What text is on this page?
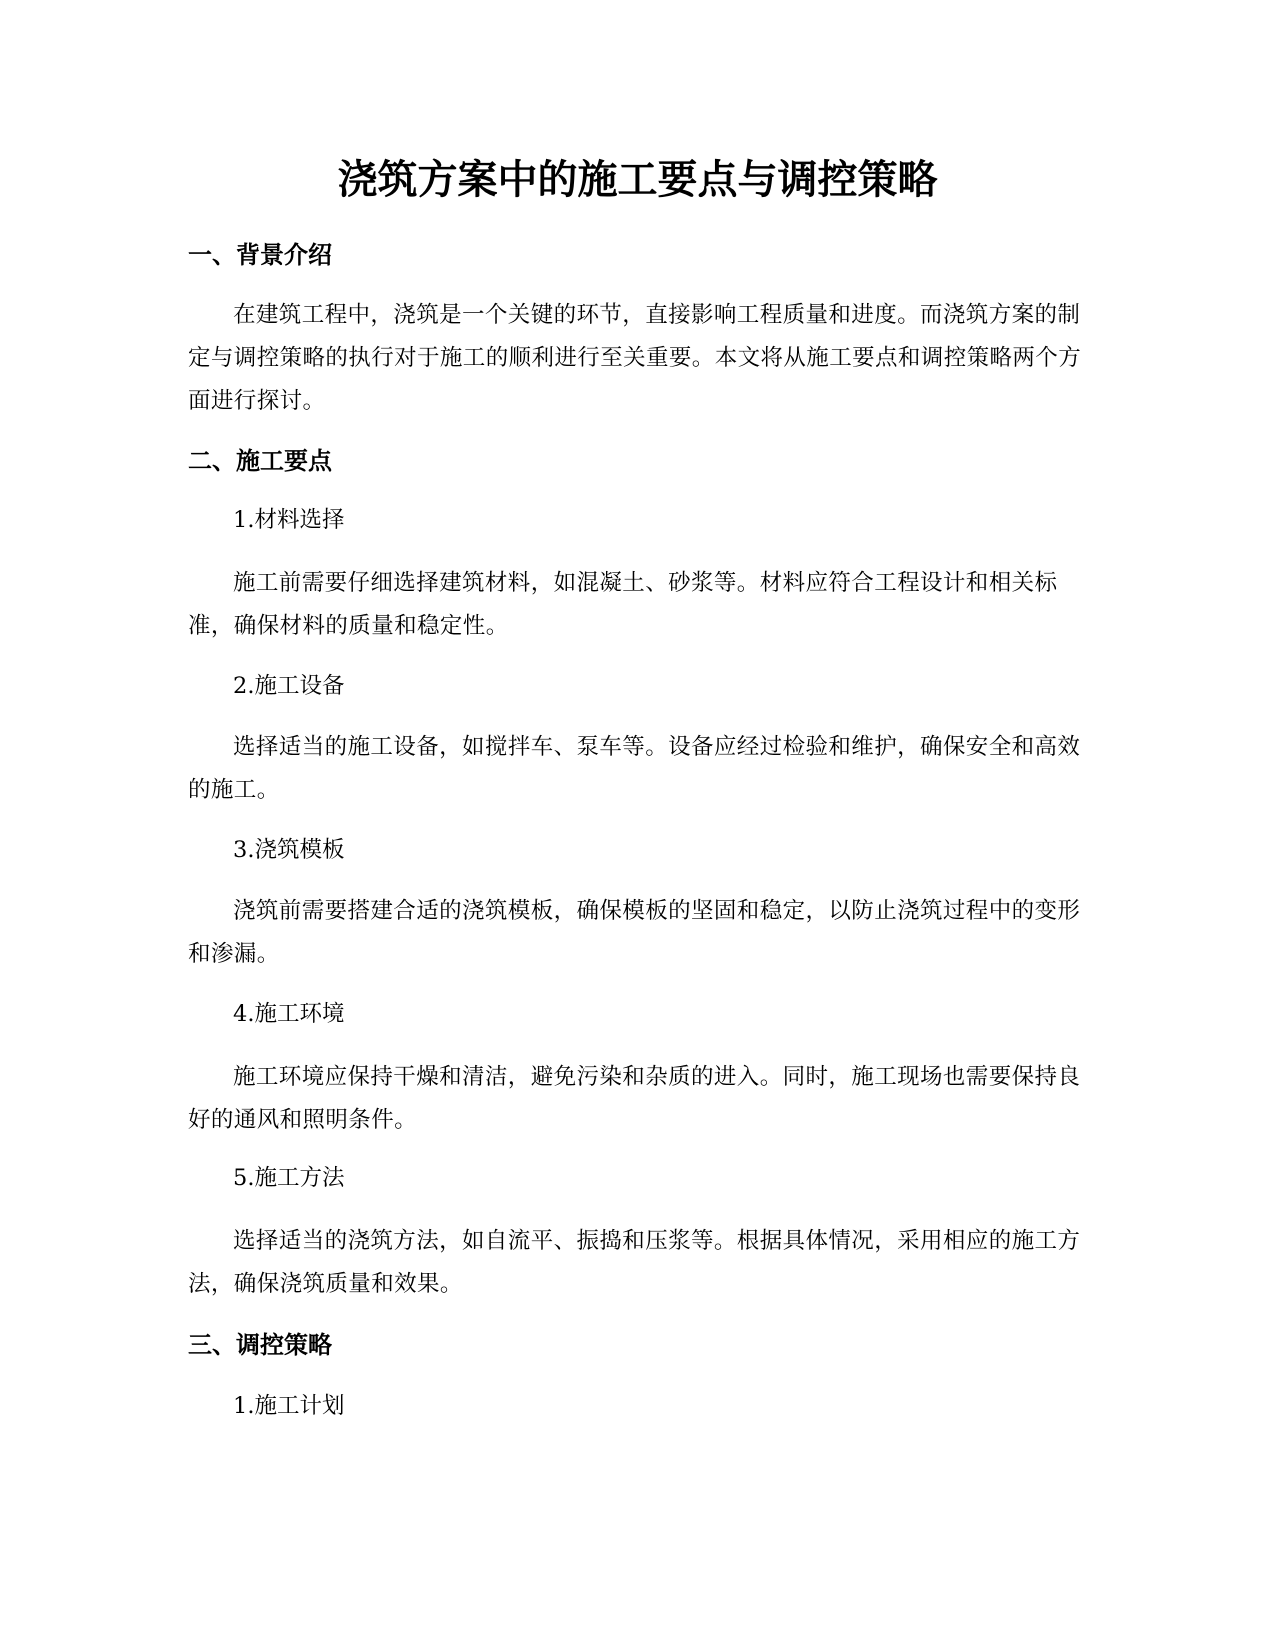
浇筑方案中的施工要点与调控策略
一、背景介绍

在建筑工程中，浇筑是一个关键的环节，直接影响工程质量和进度。而浇筑方案的制定与调控策略的执行对于施工的顺利进行至关重要。本文将从施工要点和调控策略两个方面进行探讨。

二、施工要点

1.材料选择

施工前需要仔细选择建筑材料，如混凝土、砂浆等。材料应符合工程设计和相关标准，确保材料的质量和稳定性。

2.施工设备

选择适当的施工设备，如搅拌车、泵车等。设备应经过检验和维护，确保安全和高效的施工。

3.浇筑模板

浇筑前需要搭建合适的浇筑模板，确保模板的坚固和稳定，以防止浇筑过程中的变形和渗漏。

4.施工环境

施工环境应保持干燥和清洁，避免污染和杂质的进入。同时，施工现场也需要保持良好的通风和照明条件。

5.施工方法

选择适当的浇筑方法，如自流平、振捣和压浆等。根据具体情况，采用相应的施工方法，确保浇筑质量和效果。

三、调控策略

1.施工计划
